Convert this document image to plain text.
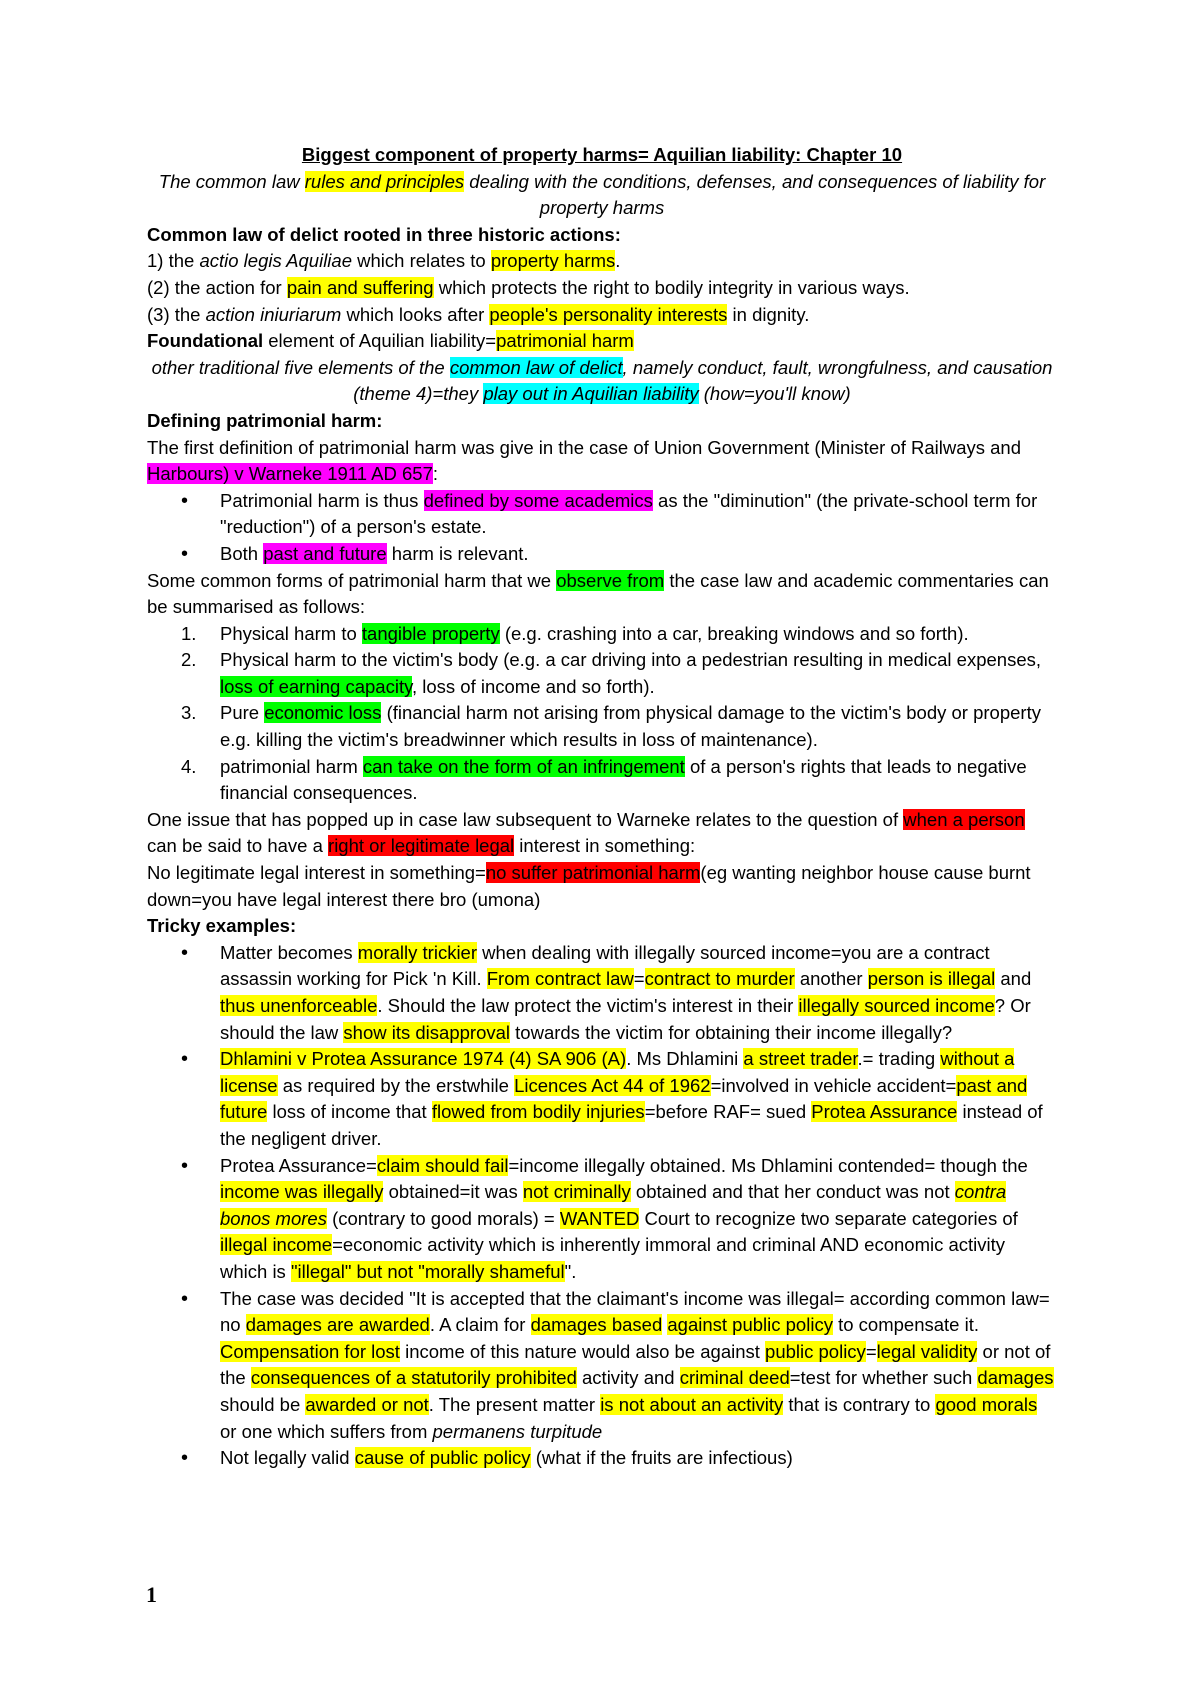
Biggest component of property harms= Aquilian liability: Chapter 10

The common law rules and principles dealing with the conditions, defenses, and consequences of liability for property harms

Common law of delict rooted in three historic actions:

1) the actio legis Aquiliae which relates to property harms.

(2) the action for pain and suffering which protects the right to bodily integrity in various ways.

(3) the action iniuriarum which looks after people's personality interests in dignity.

Foundational element of Aquilian liability=patrimonial harm

other traditional five elements of the common law of delict, namely conduct, fault, wrongfulness, and causation (theme 4)=they play out in Aquilian liability (how=you'll know)

Defining patrimonial harm:

The first definition of patrimonial harm was give in the case of Union Government (Minister of Railways and Harbours) v Warneke 1911 AD 657:

• Patrimonial harm is thus defined by some academics as the "diminution" (the private-school term for "reduction") of a person's estate.
• Both past and future harm is relevant.

Some common forms of patrimonial harm that we observe from the case law and academic commentaries can be summarised as follows:

1. Physical harm to tangible property (e.g. crashing into a car, breaking windows and so forth).
2. Physical harm to the victim's body (e.g. a car driving into a pedestrian resulting in medical expenses, loss of earning capacity, loss of income and so forth).
3. Pure economic loss (financial harm not arising from physical damage to the victim's body or property e.g. killing the victim's breadwinner which results in loss of maintenance).
4. patrimonial harm can take on the form of an infringement of a person's rights that leads to negative financial consequences.

One issue that has popped up in case law subsequent to Warneke relates to the question of when a person can be said to have a right or legitimate legal interest in something:

No legitimate legal interest in something=no suffer patrimonial harm(eg wanting neighbor house cause burnt down=you have legal interest there bro (umona)

Tricky examples:

• Matter becomes morally trickier when dealing with illegally sourced income=you are a contract assassin working for Pick 'n Kill. From contract law=contract to murder another person is illegal and thus unenforceable. Should the law protect the victim's interest in their illegally sourced income? Or should the law show its disapproval towards the victim for obtaining their income illegally?
• Dhlamini v Protea Assurance 1974 (4) SA 906 (A). Ms Dhlamini a street trader.= trading without a license as required by the erstwhile Licences Act 44 of 1962=involved in vehicle accident=past and future loss of income that flowed from bodily injuries=before RAF= sued Protea Assurance instead of the negligent driver.
• Protea Assurance=claim should fail=income illegally obtained. Ms Dhlamini contended= though the income was illegally obtained=it was not criminally obtained and that her conduct was not contra bonos mores (contrary to good morals) = WANTED Court to recognize two separate categories of illegal income=economic activity which is inherently immoral and criminal AND economic activity which is "illegal" but not "morally shameful".
• The case was decided "It is accepted that the claimant's income was illegal= according common law= no damages are awarded. A claim for damages based against public policy to compensate it. Compensation for lost income of this nature would also be against public policy=legal validity or not of the consequences of a statutorily prohibited activity and criminal deed=test for whether such damages should be awarded or not. The present matter is not about an activity that is contrary to good morals or one which suffers from permanens turpitude
• Not legally valid cause of public policy (what if the fruits are infectious)
1
